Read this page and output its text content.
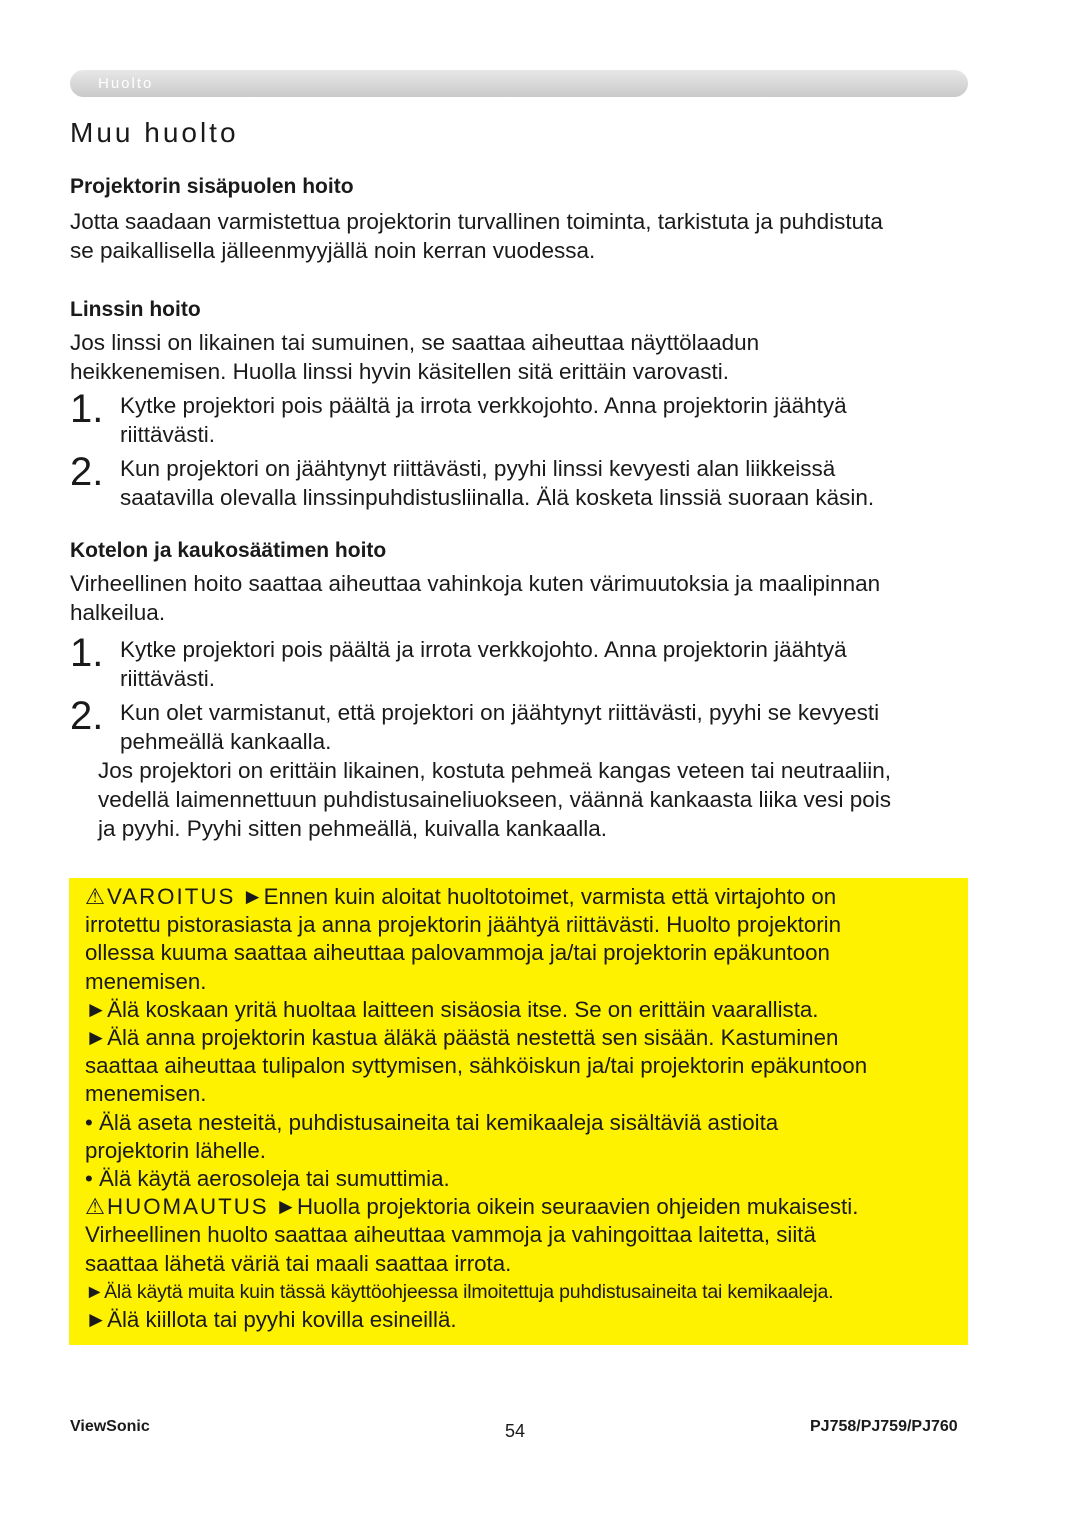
Huolto
Muu huolto

Projektorin sisäpuolen hoito

Jotta saadaan varmistettua projektorin turvallinen toiminta, tarkistuta ja puhdistuta

se paikallisella jälleenmyyjällä noin kerran vuodessa.

Linssin hoito

Jos linssi on likainen tai sumuinen, se saattaa aiheuttaa näyttölaadun

heikkenemisen. Huolla linssi hyvin käsitellen sitä erittäin varovasti.

1. Kytke projektori pois päältä ja irrota verkkojohto. Anna projektorin jäähtyä
riittävästi.
2. Kun projektori on jäähtynyt riittävästi, pyyhi linssi kevyesti alan liikkeissä
saatavilla olevalla linssinpuhdistusliinalla. Älä kosketa linssiä suoraan käsin.

Kotelon ja kaukosäätimen hoito

Virheellinen hoito saattaa aiheuttaa vahinkoja kuten värimuutoksia ja maalipinnan

halkeilua.

1. Kytke projektori pois päältä ja irrota verkkojohto. Anna projektorin jäähtyä
riittävästi.
2. Kun olet varmistanut, että projektori on jäähtynyt riittävästi, pyyhi se kevyesti
pehmeällä kankaalla.
Jos projektori on erittäin likainen, kostuta pehmeä kangas veteen tai neutraaliin,
vedellä laimennettuun puhdistusaineliuokseen, väännä kankaasta liika vesi pois
ja pyyhi. Pyyhi sitten pehmeällä, kuivalla kankaalla.

⚠VAROITUS ►Ennen kuin aloitat huoltotoimet, varmista että virtajohto on

irrotettu pistorasiasta ja anna projektorin jäähtyä riittävästi. Huolto projektorin

ollessa kuuma saattaa aiheuttaa palovammoja ja/tai projektorin epäkuntoon

menemisen.

►Älä koskaan yritä huoltaa laitteen sisäosia itse. Se on erittäin vaarallista.

►Älä anna projektorin kastua äläkä päästä nestettä sen sisään. Kastuminen

saattaa aiheuttaa tulipalon syttymisen, sähköiskun ja/tai projektorin epäkuntoon

menemisen.

• Älä aseta nesteitä, puhdistusaineita tai kemikaaleja sisältäviä astioita

projektorin lähelle.

• Älä käytä aerosoleja tai sumuttimia.

⚠HUOMAUTUS ►Huolla projektoria oikein seuraavien ohjeiden mukaisesti.

Virheellinen huolto saattaa aiheuttaa vammoja ja vahingoittaa laitetta, siitä

saattaa lähetä väriä tai maali saattaa irrota.

►Älä käytä muita kuin tässä käyttöohjeessa ilmoitettuja puhdistusaineita tai kemikaaleja.

►Älä kiillota tai pyyhi kovilla esineillä.

ViewSonic	54	PJ758/PJ759/PJ760
